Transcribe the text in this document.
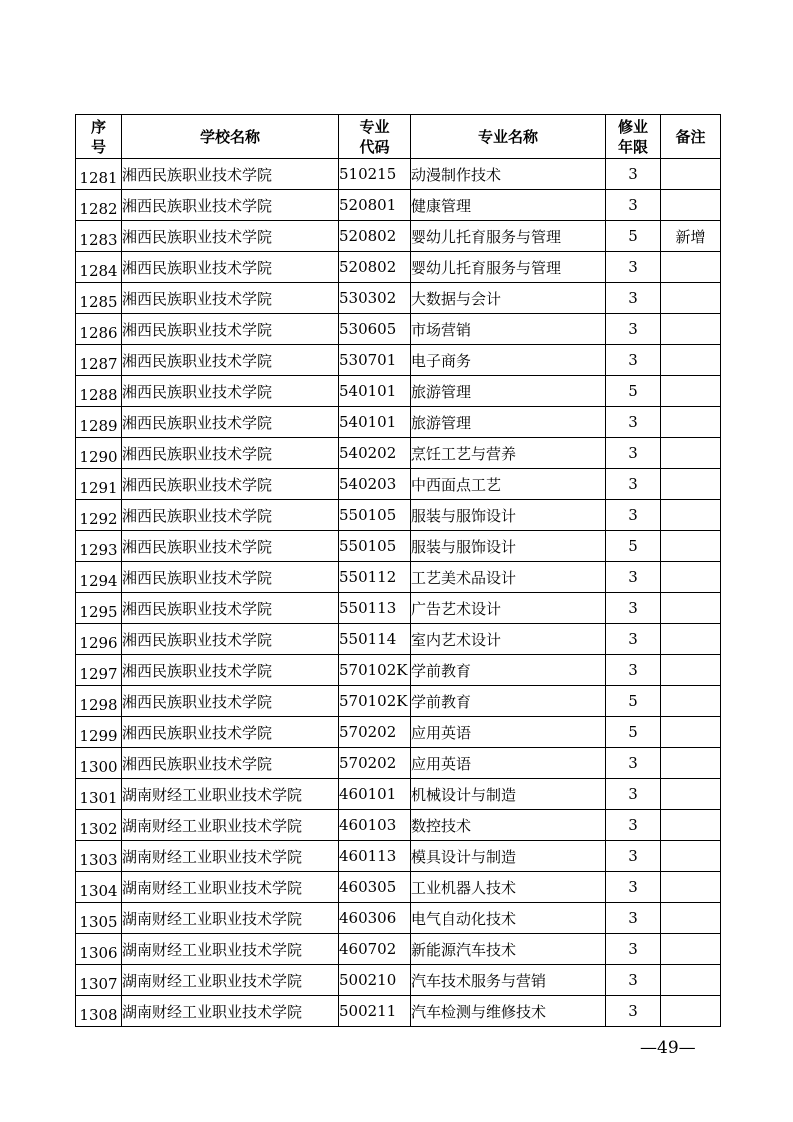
序号	学校名称	专业代码	专业名称	修业年限	备注
1281	湘西民族职业技术学院	510215	动漫制作技术	3	
1282	湘西民族职业技术学院	520801	健康管理	3	
1283	湘西民族职业技术学院	520802	婴幼儿托育服务与管理	5	新增
1284	湘西民族职业技术学院	520802	婴幼儿托育服务与管理	3	
1285	湘西民族职业技术学院	530302	大数据与会计	3	
1286	湘西民族职业技术学院	530605	市场营销	3	
1287	湘西民族职业技术学院	530701	电子商务	3	
1288	湘西民族职业技术学院	540101	旅游管理	5	
1289	湘西民族职业技术学院	540101	旅游管理	3	
1290	湘西民族职业技术学院	540202	烹饪工艺与营养	3	
1291	湘西民族职业技术学院	540203	中西面点工艺	3	
1292	湘西民族职业技术学院	550105	服装与服饰设计	3	
1293	湘西民族职业技术学院	550105	服装与服饰设计	5	
1294	湘西民族职业技术学院	550112	工艺美术品设计	3	
1295	湘西民族职业技术学院	550113	广告艺术设计	3	
1296	湘西民族职业技术学院	550114	室内艺术设计	3	
1297	湘西民族职业技术学院	570102K	学前教育	3	
1298	湘西民族职业技术学院	570102K	学前教育	5	
1299	湘西民族职业技术学院	570202	应用英语	5	
1300	湘西民族职业技术学院	570202	应用英语	3	
1301	湖南财经工业职业技术学院	460101	机械设计与制造	3	
1302	湖南财经工业职业技术学院	460103	数控技术	3	
1303	湖南财经工业职业技术学院	460113	模具设计与制造	3	
1304	湖南财经工业职业技术学院	460305	工业机器人技术	3	
1305	湖南财经工业职业技术学院	460306	电气自动化技术	3	
1306	湖南财经工业职业技术学院	460702	新能源汽车技术	3	
1307	湖南财经工业职业技术学院	500210	汽车技术服务与营销	3	
1308	湖南财经工业职业技术学院	500211	汽车检测与维修技术	3	
—49—
